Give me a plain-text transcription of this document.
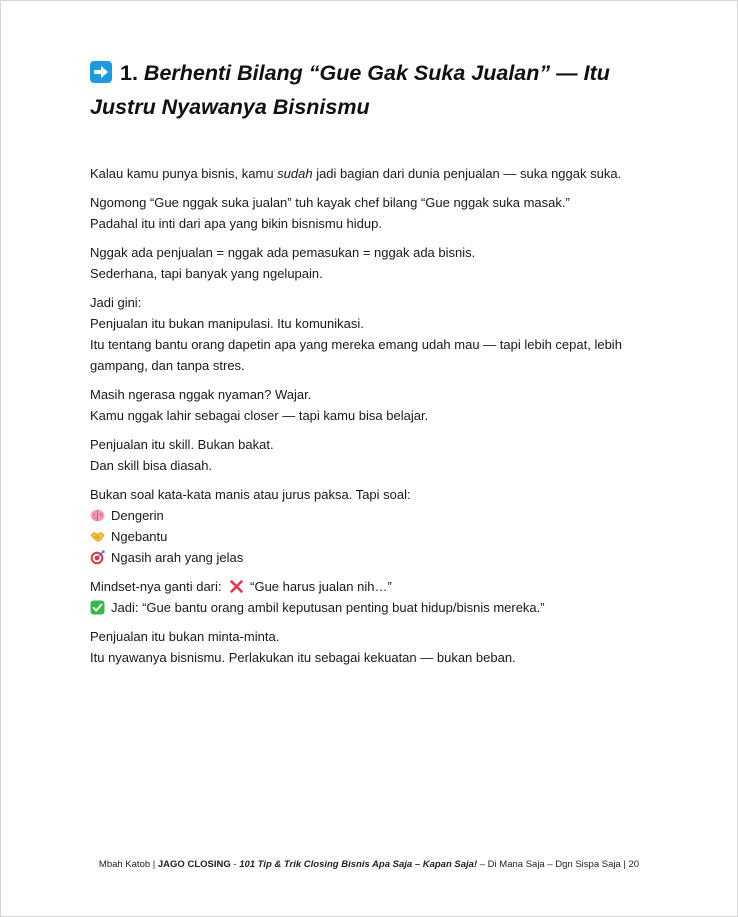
1. Berhenti Bilang “Gue Gak Suka Jualan” — Itu Justru Nyawanya Bisnismu

Kalau kamu punya bisnis, kamu sudah jadi bagian dari dunia penjualan — suka nggak suka.

Ngomong “Gue nggak suka jualan” tuh kayak chef bilang “Gue nggak suka masak.”
Padahal itu inti dari apa yang bikin bisnismu hidup.

Nggak ada penjualan = nggak ada pemasukan = nggak ada bisnis.
Sederhana, tapi banyak yang ngelupain.

Jadi gini:
Penjualan itu bukan manipulasi. Itu komunikasi.
Itu tentang bantu orang dapetin apa yang mereka emang udah mau — tapi lebih cepat, lebih gampang, dan tanpa stres.

Masih ngerasa nggak nyaman? Wajar.
Kamu nggak lahir sebagai closer — tapi kamu bisa belajar.

Penjualan itu skill. Bukan bakat.
Dan skill bisa diasah.

Bukan soal kata-kata manis atau jurus paksa. Tapi soal:
Dengerin
Ngebantu
Ngasih arah yang jelas

Mindset-nya ganti dari: “Gue harus jualan nih…”
Jadi: “Gue bantu orang ambil keputusan penting buat hidup/bisnis mereka.”

Penjualan itu bukan minta-minta.
Itu nyawanya bisnismu. Perlakukan itu sebagai kekuatan — bukan beban.

Mbah Katob | JAGO CLOSING - 101 Tip & Trik Closing Bisnis Apa Saja – Kapan Saja! – Di Mana Saja – Dgn Sispa Saja | 20
